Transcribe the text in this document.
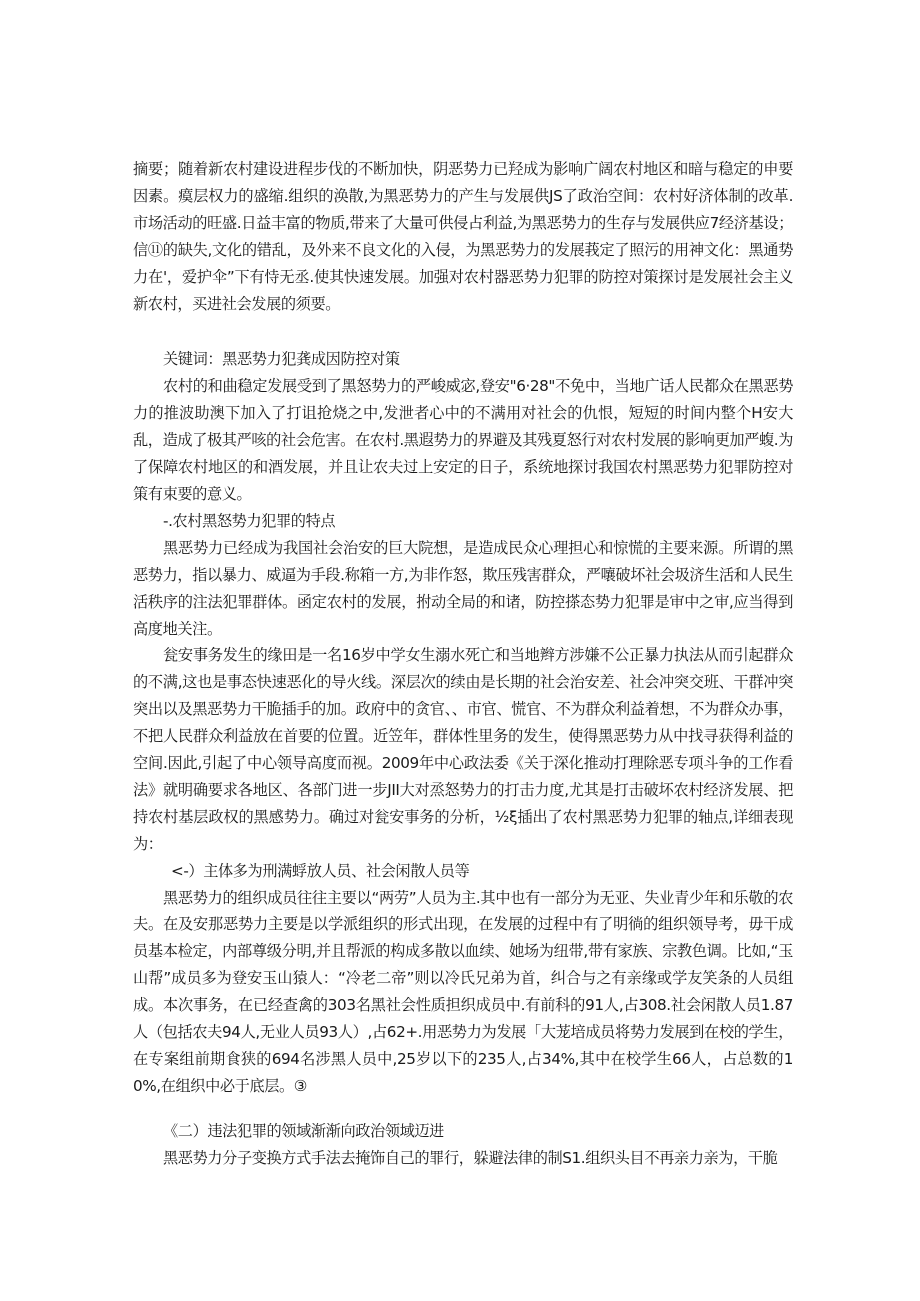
摘要；随着新农村建设进程步伐的不断加快，阴恶势力已羟成为影响广阔农村地区和暗与稳定的申要因素。瘼层权力的盛缩.组织的涣散,为黑恶势力的产生与发展供JS了政治空间：农村好济体制的改革.市场活动的旺盛.日益丰富的物质,带来了大量可供侵占利益,为黑恶势力的生存与发展供应7经济基设；信⑪的缺失,文化的错乱，及外来不良文化的入侵，为黑恶势力的发展莪定了照污的用神文化：黑通势力在'，爱护伞”下有恃无丞.使其快速发展。加强对农村器恶势力犯罪的防控对策探讨是发展社会主义新农村，买进社会发展的须要。

关键词：黑恶势力犯龚成因防控对策

农村的和曲稳定发展受到了黑怒势力的严峻威宓,登安"6·28"不免中，当地广话人民都众在黑恶势力的推波助澳下加入了打诅抢烧之中,发泄者心中的不满用对社会的仇恨，短短的时间内整个H安大乱，造成了极其严咳的社会危害。在农村.黑遐势力的界避及其残夏怒行对农村发展的影响更加严蝮.为了保障农村地区的和酒发展，并且让农夫过上安定的日子，系统地探讨我国农村黑恶势力犯罪防控对策有束要的意义。

-.农村黑怒势力犯罪的特点

黑恶势力已经成为我国社会治安的巨大院想，是造成民众心理担心和惊慌的主要来源。所谓的黑恶势力，指以暴力、威逼为手段.称箱一方,为非作怒，欺压残害群众，严嚷破坏社会圾济生活和人民生活秩序的注法犯罪群体。函定农村的发展，拊动全局的和诸，防控搽态势力犯罪是审中之审,应当得到高度地关注。

瓮安事务发生的缘田是一名16岁中学女生溺水死亡和当地辫方涉嫌不公正暴力执法从而引起群众的不满,这也是事态快速恶化的导火线。深层次的续由是长期的社会治安差、社会冲突交班、干群冲突突出以及黑恶势力干脆插手的加。政府中的贪官、、市官、慌官、不为群众利益着想，不为群众办事，不把人民群众利益放在首要的位置。近笠年，群体性里务的发生，使得黑恶势力从中找寻获得利益的空间.因此,引起了中心领导高度而视。2009年中心政法委《关于深化推动打理除恶专项斗争的工作看法》就明确要求各地区、各部门进一步JII大对烝怒势力的打击力度,尤其是打击破坏农村经济发展、把持农村基层政权的黑感势力。确过对瓮安事务的分析，½ξ插出了农村黑恶势力犯罪的轴点,详细表现为：

<-）主体多为刑满蜉放人员、社会闲散人员等

黑恶势力的组织成员往往主要以“两劳”人员为主.其中也有一部分为无亚、失业青少年和乐敬的农夫。在及安那恶势力主要是以学派组织的形式出现，在发展的过程中有了明徜的组织领导考，毋干成员基本检定，内部尊级分明,并且帮派的构成多散以血续、她场为纽带,带有家族、宗教色调。比如,“玉山帮”成员多为登安玉山猿人：“冷老二帝”则以冷氏兄弟为首，纠合与之有亲缘或学友笑条的人员组成。本次事务，在已经查禽的303名黑社会性质担织成员中.有前科的91人,占308.社会闲散人员1.87人（包括农夫94人,无业人员93人）,占62+.用恶势力为发展「大茏培成员将势力发展到在校的学生，在专案组前期食狭的694名涉黑人员中,25岁以下的235人,占34%,其中在校学生66人，占总数的10%,在组织中必于底层。③

《二）违法犯罪的领域渐渐向政治领域迈进

黑恶势力分子变换方式手法去掩饰自己的罪行，躲避法律的制S1.组织头目不再亲力亲为，干脆
